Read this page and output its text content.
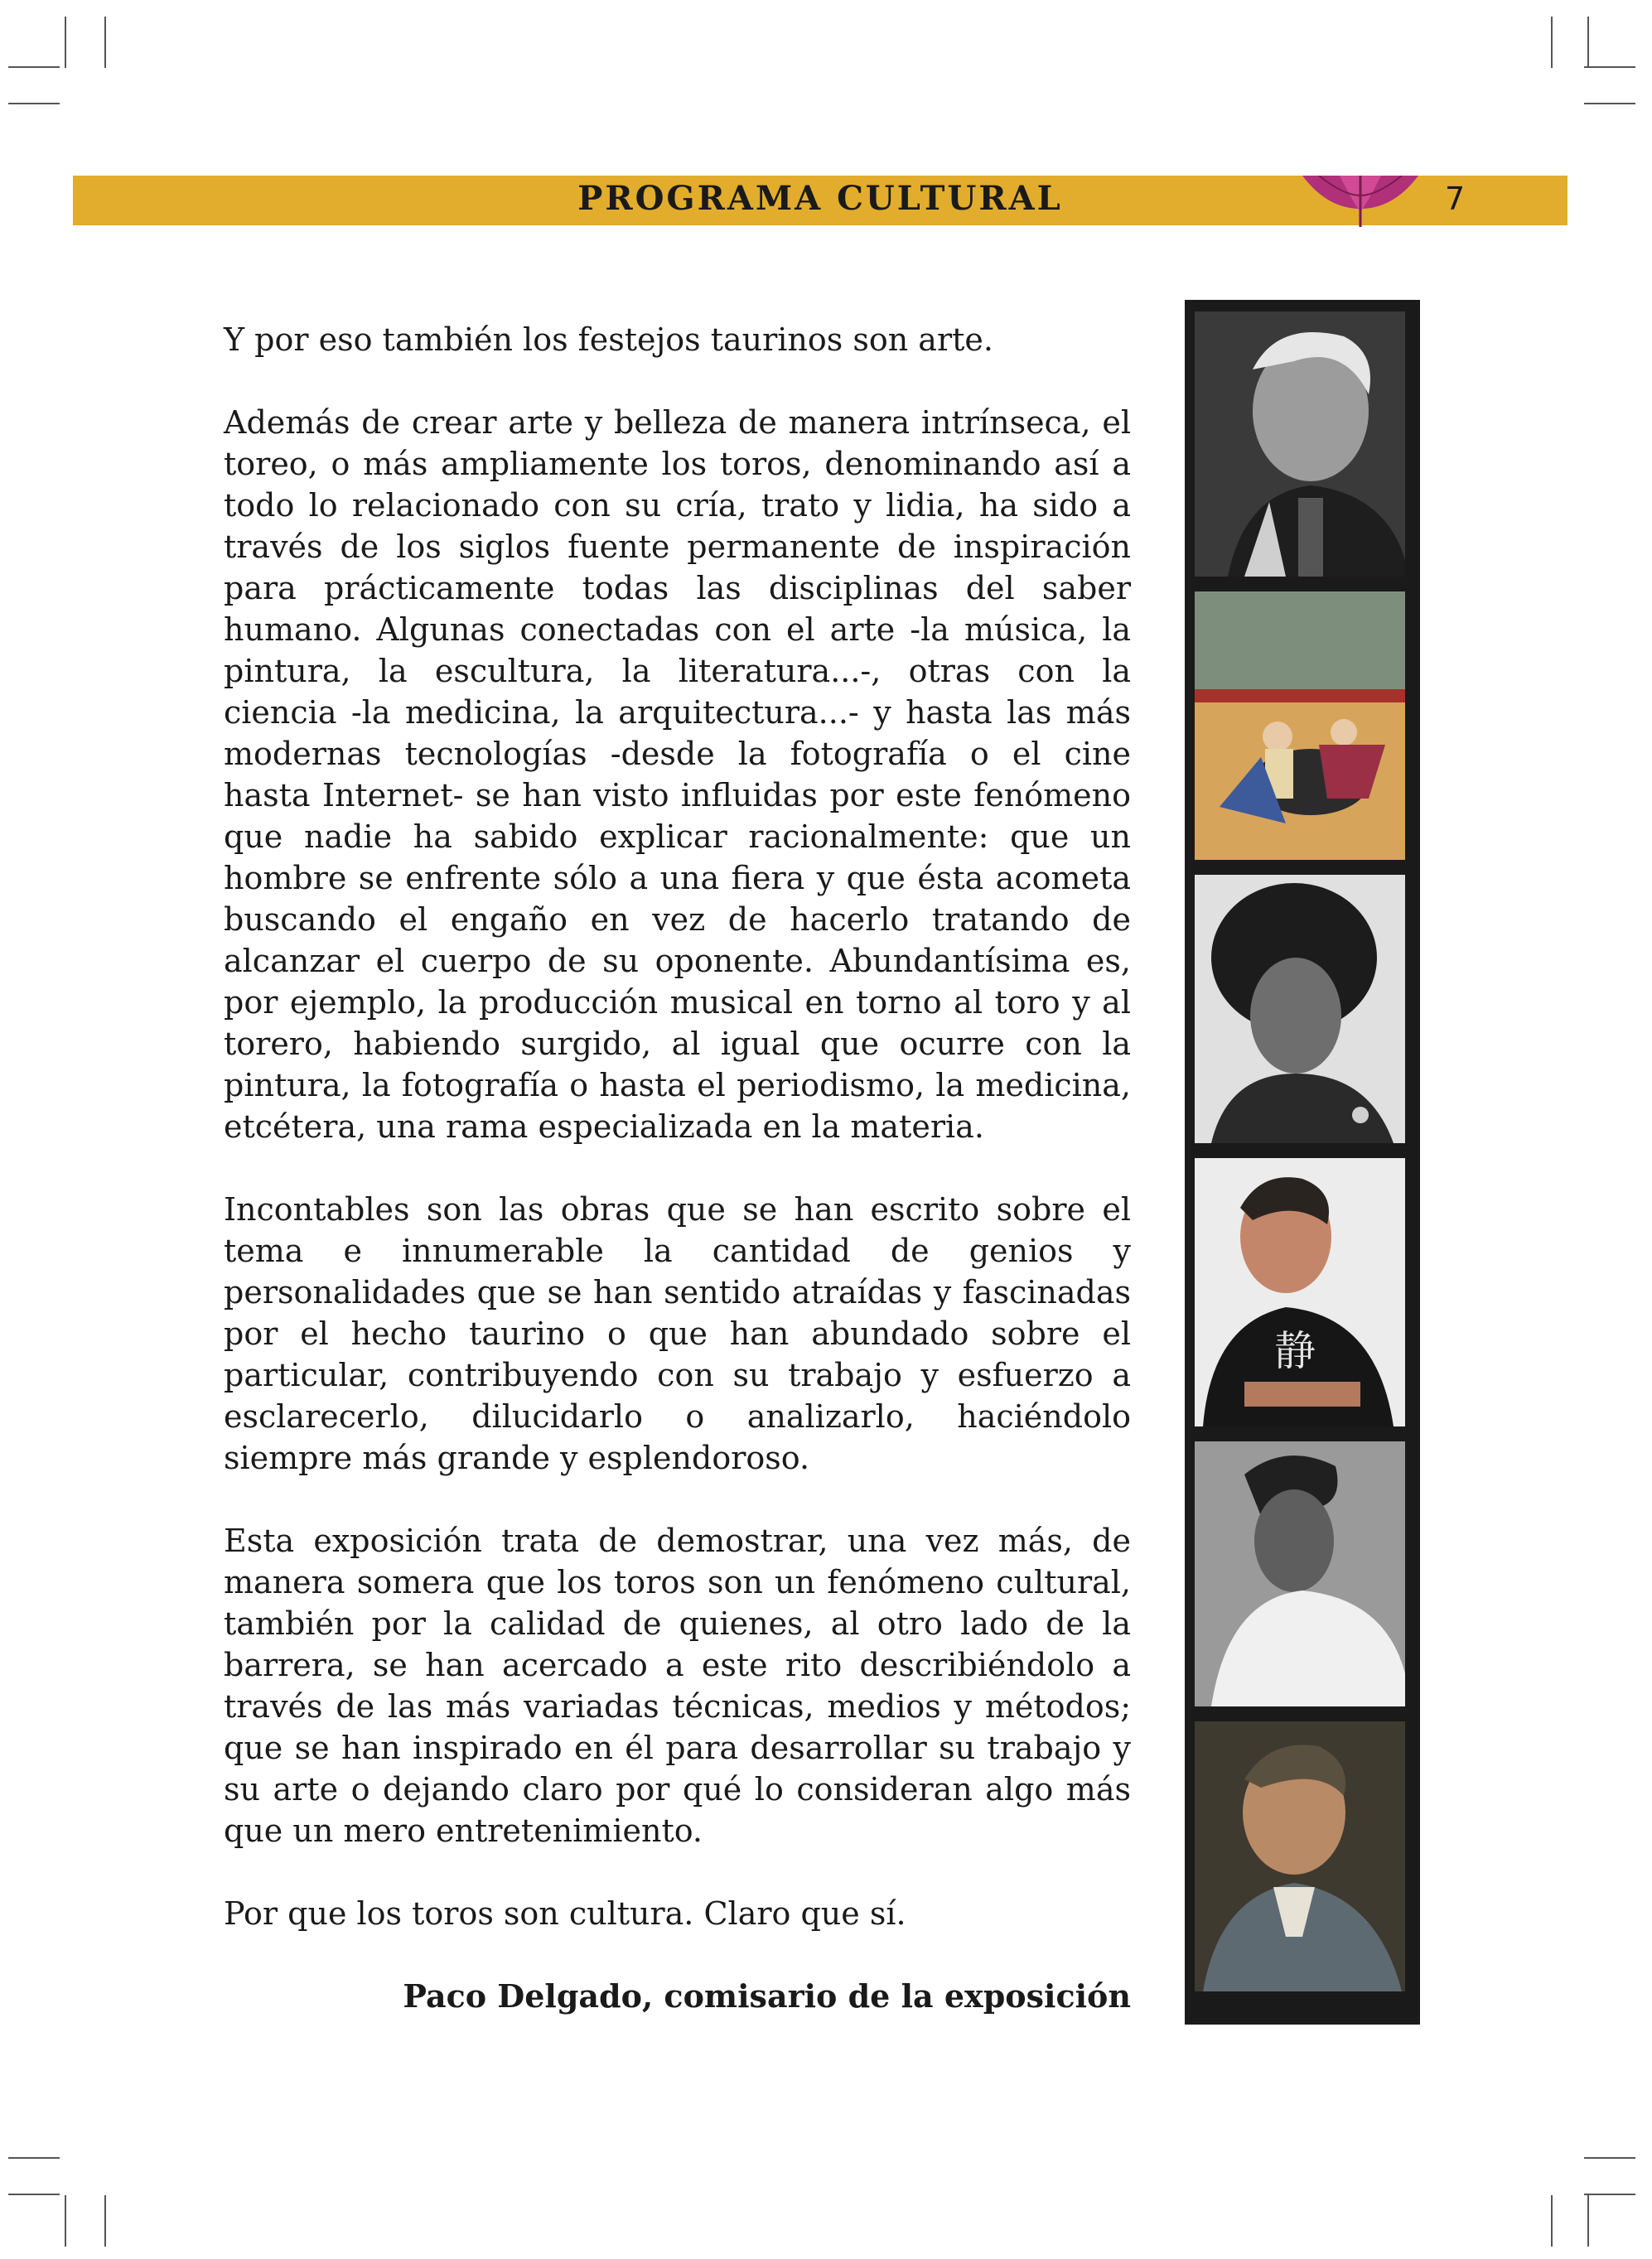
PROGRAMA CULTURAL	7

Y por eso también los festejos taurinos son arte.

Además de crear arte y belleza de manera intrínseca, el toreo, o más ampliamente los toros, denominando así a todo lo relacionado con su cría, trato y lidia, ha sido a través de los siglos fuente permanente de inspiración para prácticamente todas las disciplinas del saber humano. Algunas conectadas con el arte -la música, la pintura, la escultura, la literatura...-, otras con la ciencia -la medicina, la arquitectura...- y hasta las más modernas tecnologías -desde la fotografía o el cine hasta Internet- se han visto influidas por este fenómeno que nadie ha sabido explicar racionalmente: que un hombre se enfrente sólo a una fiera y que ésta acometa buscando el engaño en vez de hacerlo tratando de alcanzar el cuerpo de su oponente. Abundantísima es, por ejemplo, la producción musical en torno al toro y al torero, habiendo surgido, al igual que ocurre con la pintura, la fotografía o hasta el periodismo, la medicina, etcétera, una rama especializada en la materia.

Incontables son las obras que se han escrito sobre el tema e innumerable la cantidad de genios y personalidades que se han sentido atraídas y fascinadas por el hecho taurino o que han abundado sobre el particular, contribuyendo con su trabajo y esfuerzo a esclarecerlo, dilucidarlo o analizarlo, haciéndolo siempre más grande y esplendoroso.

Esta exposición trata de demostrar, una vez más, de manera somera que los toros son un fenómeno cultural, también por la calidad de quienes, al otro lado de la barrera, se han acercado a este rito describiéndolo a través de las más variadas técnicas, medios y métodos; que se han inspirado en él para desarrollar su trabajo y su arte o dejando claro por qué lo consideran algo más que un mero entretenimiento.

Por que los toros son cultura. Claro que sí.

Paco Delgado, comisario de la exposición
静
